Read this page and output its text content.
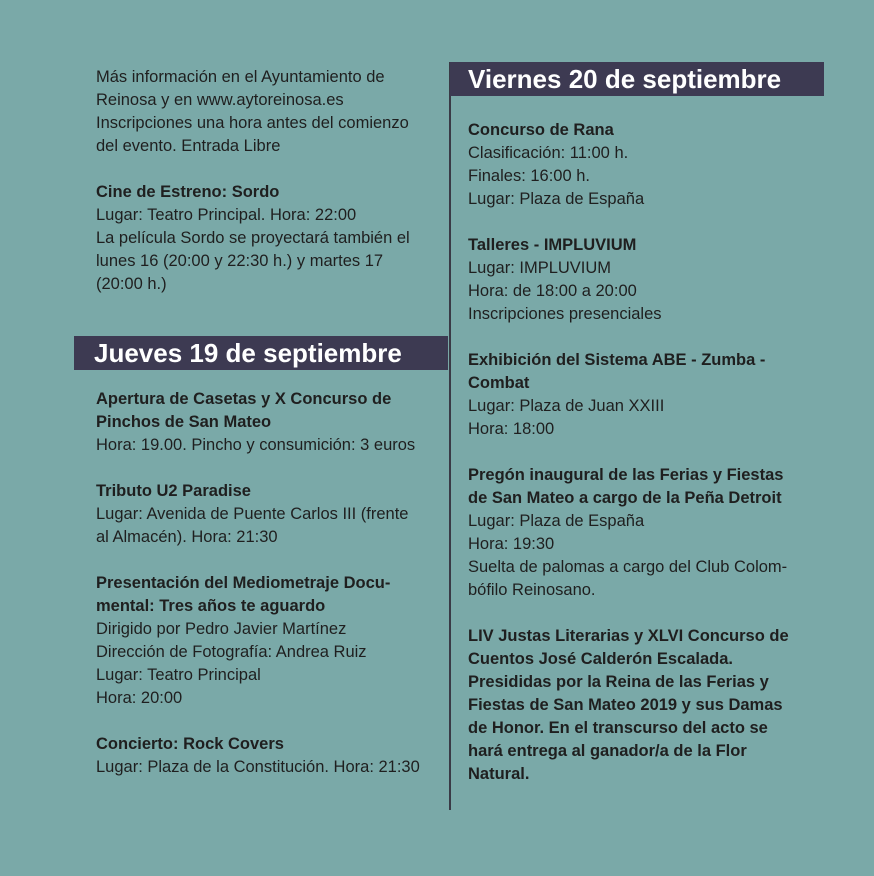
Viernes 20 de septiembre
Jueves 19 de septiembre
Más información en el Ayuntamiento de
Reinosa y en www.aytoreinosa.es
Inscripciones una hora antes del comienzo
del evento. Entrada Libre
Cine de Estreno: Sordo
Lugar: Teatro Principal. Hora: 22:00
La película Sordo se proyectará también el
lunes 16 (20:00 y 22:30 h.) y martes 17
(20:00 h.)
Apertura de Casetas y X Concurso de
Pinchos de San Mateo
Hora: 19.00. Pincho y consumición: 3 euros
Tributo U2 Paradise
Lugar: Avenida de Puente Carlos III (frente
al Almacén). Hora: 21:30
Presentación del Mediometraje Docu-
mental: Tres años te aguardo
Dirigido por Pedro Javier Martínez
Dirección de Fotografía: Andrea Ruiz
Lugar: Teatro Principal
Hora: 20:00
Concierto: Rock Covers
Lugar: Plaza de la Constitución. Hora: 21:30
Concurso de Rana
Clasificación: 11:00 h.
Finales: 16:00 h.
Lugar: Plaza de España
Talleres - IMPLUVIUM
Lugar: IMPLUVIUM
Hora: de 18:00 a 20:00
Inscripciones presenciales
Exhibición del Sistema ABE - Zumba -
Combat
Lugar: Plaza de Juan XXIII
Hora: 18:00
Pregón inaugural de las Ferias y Fiestas
de San Mateo a cargo de la Peña Detroit
Lugar: Plaza de España
Hora: 19:30
Suelta de palomas a cargo del Club Colom-
bófilo Reinosano.
LIV Justas Literarias y XLVI Concurso de
Cuentos José Calderón Escalada.
Presididas por la Reina de las Ferias y
Fiestas de San Mateo 2019 y sus Damas
de Honor. En el transcurso del acto se
hará entrega al ganador/a de la Flor
Natural.
